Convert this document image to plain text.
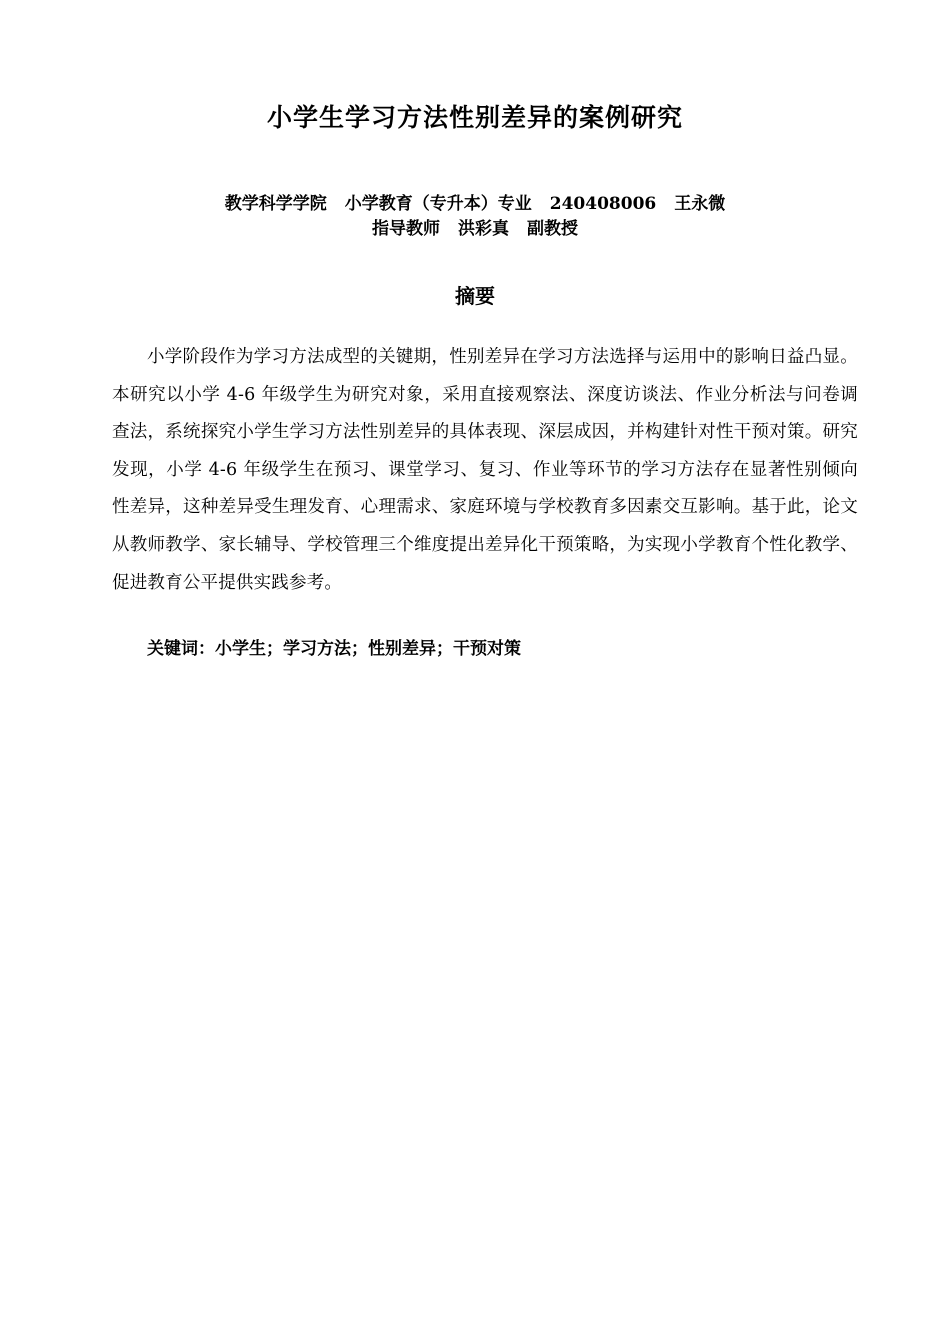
小学生学习方法性别差异的案例研究
教学科学学院 小学教育（专升本）专业 240408006 王永微
指导教师 洪彩真 副教授
摘要
小学阶段作为学习方法成型的关键期，性别差异在学习方法选择与运用中的影响日益凸显。本研究以小学 4-6 年级学生为研究对象，采用直接观察法、深度访谈法、作业分析法与问卷调查法，系统探究小学生学习方法性别差异的具体表现、深层成因，并构建针对性干预对策。研究发现，小学 4-6 年级学生在预习、课堂学习、复习、作业等环节的学习方法存在显著性别倾向性差异，这种差异受生理发育、心理需求、家庭环境与学校教育多因素交互影响。基于此，论文从教师教学、家长辅导、学校管理三个维度提出差异化干预策略，为实现小学教育个性化教学、促进教育公平提供实践参考。
关键词：小学生；学习方法；性别差异；干预对策
